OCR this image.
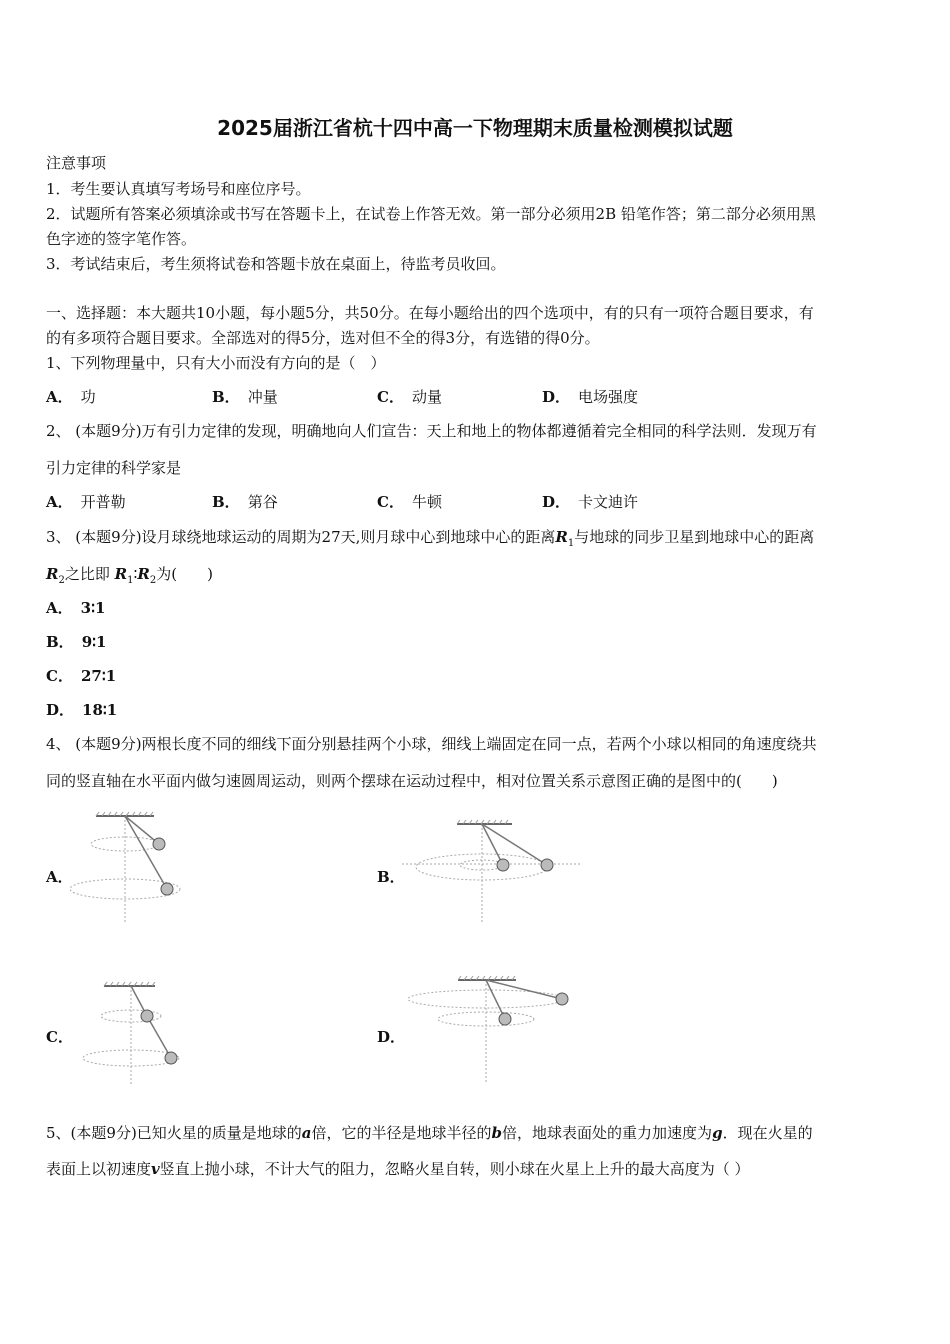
2025届浙江省杭十四中高一下物理期末质量检测模拟试题
注意事项
1．考生要认真填写考场号和座位序号。
2．试题所有答案必须填涂或书写在答题卡上，在试卷上作答无效。第一部分必须用2B 铅笔作答；第二部分必须用黑
色字迹的签字笔作答。
3．考试结束后，考生须将试卷和答题卡放在桌面上，待监考员收回。
一、选择题：本大题共10小题，每小题5分，共50分。在每小题给出的四个选项中，有的只有一项符合题目要求，有
的有多项符合题目要求。全部选对的得5分，选对但不全的得3分，有选错的得0分。
1、下列物理量中，只有大小而没有方向的是（　）
A． 功	B． 冲量	C． 动量	D． 电场强度
2、 (本题9分)万有引力定律的发现，明确地向人们宣告：天上和地上的物体都遵循着完全相同的科学法则．发现万有
引力定律的科学家是
A． 开普勒	B． 第谷	C． 牛顿	D． 卡文迪许
3、 (本题9分)设月球绕地球运动的周期为27天,则月球中心到地球中心的距离$R_1$与地球的同步卫星到地球中心的距离
$R_2$之比即 $R_1∶R_2$为(　　)
A． 3∶1
B． 9∶1
C． 27∶1
D． 18∶1
4、 (本题9分)两根长度不同的细线下面分别悬挂两个小球，细线上端固定在同一点，若两个小球以相同的角速度绕共
同的竖直轴在水平面内做匀速圆周运动，则两个摆球在运动过程中，相对位置关系示意图正确的是图中的(　　)
A．	B．
C．	D．
5、(本题9分)已知火星的质量是地球的a倍，它的半径是地球半径的b倍，地球表面处的重力加速度为g．现在火星的
表面上以初速度v竖直上抛小球，不计大气的阻力，忽略火星自转，则小球在火星上上升的最大高度为（ ）
